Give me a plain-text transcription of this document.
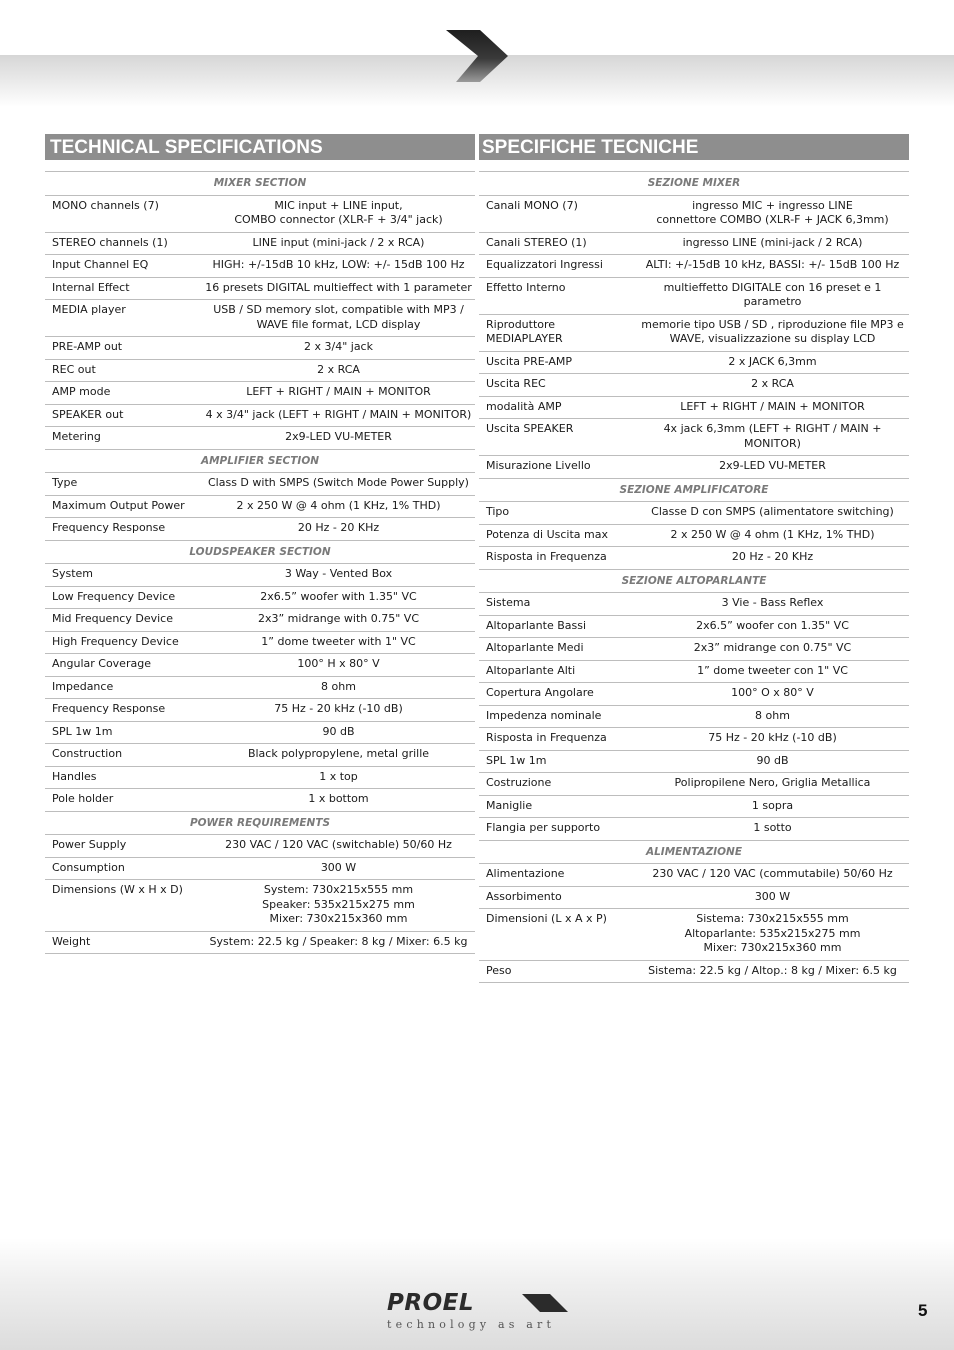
TECHNICAL SPECIFICATIONS
MIXER SECTION	
MONO channels (7)	MIC input + LINE input,
COMBO connector (XLR-F + 3/4" jack)
STEREO channels (1)	LINE input (mini-jack / 2 x RCA)
Input Channel EQ	HIGH: +/-15dB 10 kHz, LOW: +/- 15dB 100 Hz
Internal Effect	16 presets DIGITAL multieffect with 1 parameter
MEDIA player	USB / SD memory slot, compatible with MP3 /
WAVE file format, LCD display
PRE-AMP out	2 x 3/4" jack
REC out	2 x RCA
AMP mode	LEFT + RIGHT / MAIN + MONITOR
SPEAKER out	4 x 3/4" jack (LEFT + RIGHT / MAIN + MONITOR)
Metering	2x9-LED VU-METER
AMPLIFIER SECTION	
Type	Class D with SMPS (Switch Mode Power Supply)
Maximum Output Power	2 x 250 W @ 4 ohm (1 KHz, 1% THD)
Frequency Response	20 Hz - 20 KHz
LOUDSPEAKER SECTION	
System	3 Way - Vented Box
Low Frequency Device	2x6.5” woofer with 1.35" VC
Mid Frequency Device	2x3” midrange with 0.75" VC
High Frequency Device	1” dome tweeter with 1" VC
Angular Coverage	100° H x 80° V
Impedance	8 ohm
Frequency Response	75 Hz - 20 kHz (-10 dB)
SPL 1w 1m	90 dB
Construction	Black polypropylene, metal grille
Handles	1 x top
Pole holder	1 x bottom
POWER REQUIREMENTS	
Power Supply	230 VAC / 120 VAC (switchable) 50/60 Hz
Consumption	300 W
Dimensions (W x H x D)	System: 730x215x555 mm
Speaker: 535x215x275 mm
Mixer: 730x215x360 mm
Weight	System: 22.5 kg / Speaker: 8 kg / Mixer: 6.5 kg
SPECIFICHE TECNICHE
SEZIONE MIXER	
Canali MONO (7)	ingresso MIC + ingresso LINE
connettore COMBO (XLR-F + JACK 6,3mm)
Canali STEREO (1)	ingresso LINE (mini-jack / 2 RCA)
Equalizzatori Ingressi	ALTI: +/-15dB 10 kHz, BASSI: +/- 15dB 100 Hz
Effetto Interno	multieffetto DIGITALE con 16 preset e 1 parametro
Riproduttore
MEDIAPLAYER	memorie tipo USB / SD , riproduzione file MP3 e
WAVE, visualizzazione su display LCD
Uscita PRE-AMP	2 x JACK 6,3mm
Uscita REC	2 x RCA
modalità AMP	LEFT + RIGHT / MAIN + MONITOR
Uscita SPEAKER	4x jack 6,3mm (LEFT + RIGHT / MAIN + MONITOR)
Misurazione Livello	2x9-LED VU-METER
SEZIONE AMPLIFICATORE	
Tipo	Classe D con SMPS (alimentatore switching)
Potenza di Uscita max	2 x 250 W @ 4 ohm (1 KHz, 1% THD)
Risposta in Frequenza	20 Hz - 20 KHz
SEZIONE ALTOPARLANTE	
Sistema	3 Vie - Bass Reflex
Altoparlante Bassi	2x6.5” woofer con 1.35" VC
Altoparlante Medi	2x3” midrange con 0.75" VC
Altoparlante Alti	1” dome tweeter con 1" VC
Copertura Angolare	100° O x 80° V
Impedenza nominale	8 ohm
Risposta in Frequenza	75 Hz - 20 kHz (-10 dB)
SPL 1w 1m	90 dB
Costruzione	Polipropilene Nero, Griglia Metallica
Maniglie	1 sopra
Flangia per supporto	1 sotto
ALIMENTAZIONE	
Alimentazione	230 VAC / 120 VAC (commutabile) 50/60 Hz
Assorbimento	300 W
Dimensioni (L x A x P)	Sistema: 730x215x555 mm
Altoparlante: 535x215x275 mm
Mixer: 730x215x360 mm
Peso	Sistema: 22.5 kg / Altop.: 8 kg / Mixer: 6.5 kg
PROEL
technology as art
5
